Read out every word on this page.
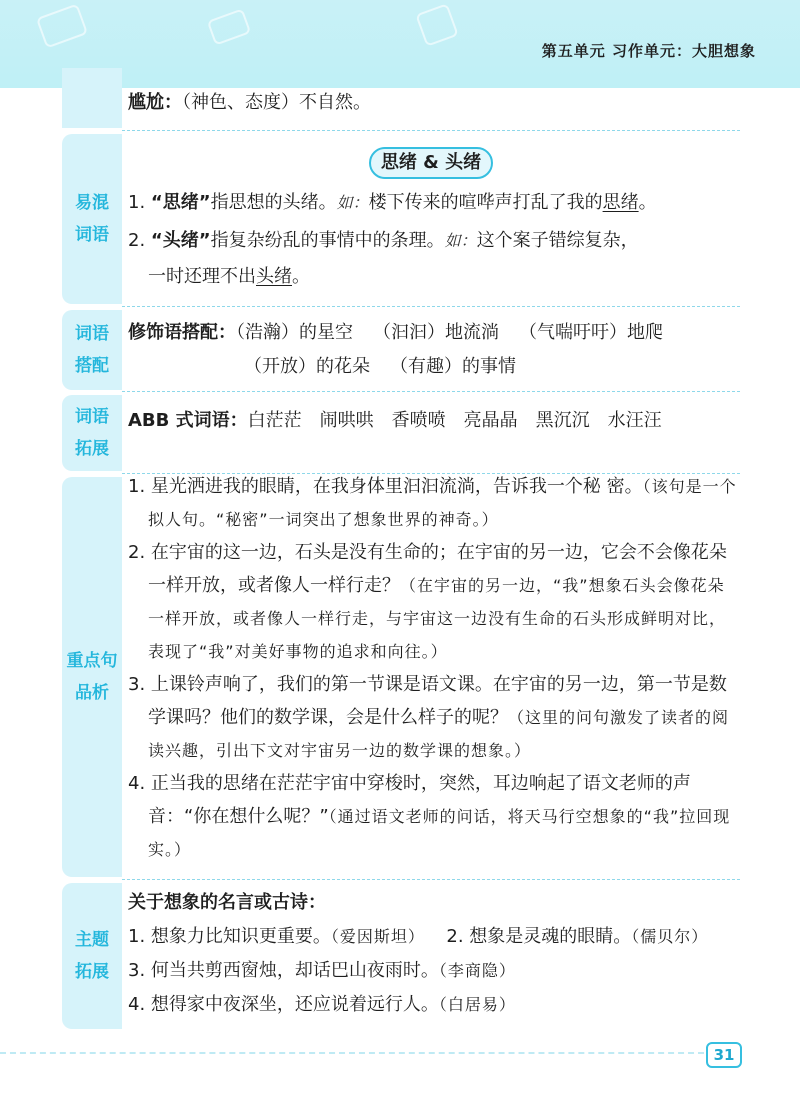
第五单元 习作单元：大胆想象
尴尬：（神色、态度）不自然。
易混
词语
思绪 & 头绪
1. “思绪”指思想的头绪。如：楼下传来的喧哗声打乱了我的思绪。
2. “头绪”指复杂纷乱的事情中的条理。如：这个案子错综复杂，
一时还理不出头绪。
词语
搭配
修饰语搭配：（浩瀚）的星空 （汩汩）地流淌 （气喘吁吁）地爬
（开放）的花朵 （有趣）的事情
词语
拓展
ABB 式词语：白茫茫 闹哄哄 香喷喷 亮晶晶 黑沉沉 水汪汪
重点句
品析
1. 星光洒进我的眼睛，在我身体里汩汩流淌，告诉我一个秘 密。（该句是一个拟人句。“秘密”一词突出了想象世界的神奇。）
2. 在宇宙的这一边，石头是没有生命的；在宇宙的另一边，它会不会像花朵一样开放，或者像人一样行走？（在宇宙的另一边，“我”想象石头会像花朵一样开放，或者像人一样行走，与宇宙这一边没有生命的石头形成鲜明对比，表现了“我”对美好事物的追求和向往。）
3. 上课铃声响了，我们的第一节课是语文课。在宇宙的另一边，第一节是数学课吗？他们的数学课，会是什么样子的呢？（这里的问句激发了读者的阅读兴趣，引出下文对宇宙另一边的数学课的想象。）
4. 正当我的思绪在茫茫宇宙中穿梭时，突然，耳边响起了语文老师的声音：“你在想什么呢？”（通过语文老师的问话，将天马行空想象的“我”拉回现实。）
主题
拓展
关于想象的名言或古诗：
1. 想象力比知识更重要。（爱因斯坦） 2. 想象是灵魂的眼睛。（儒贝尔）
3. 何当共剪西窗烛，却话巴山夜雨时。（李商隐）
4. 想得家中夜深坐，还应说着远行人。（白居易）
31
